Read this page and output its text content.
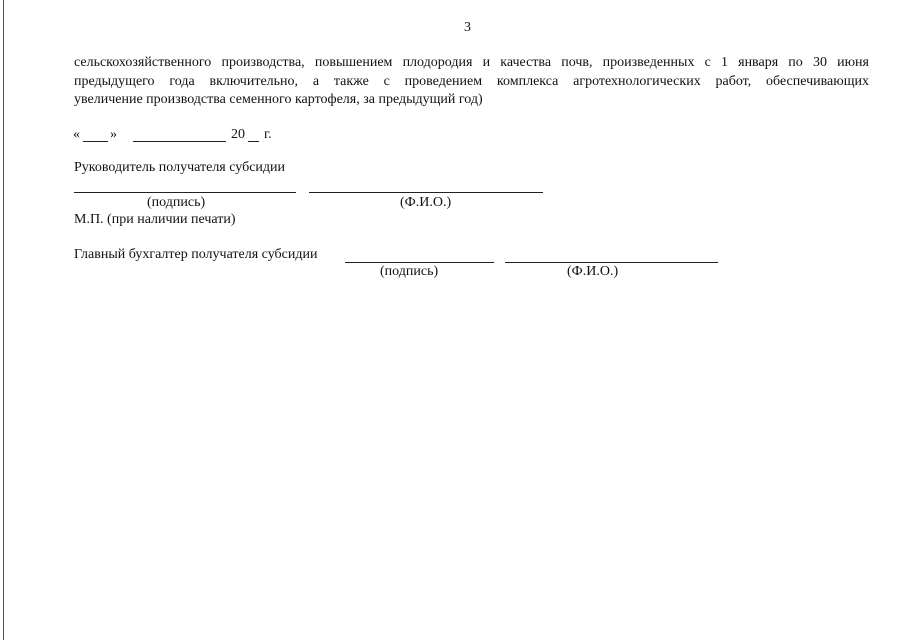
3
сельскохозяйственного производства, повышением плодородия и качества почв, произведенных с 1 января по 30 июня
предыдущего года включительно, а также с проведением комплекса агротехнологических работ, обеспечивающих
увеличение производства семенного картофеля, за предыдущий год)
« »	20 г.
Руководитель получателя субсидии
(подпись)	(Ф.И.О.)
М.П. (при наличии печати)
Главный бухгалтер получателя субсидии
(подпись)	(Ф.И.О.)
